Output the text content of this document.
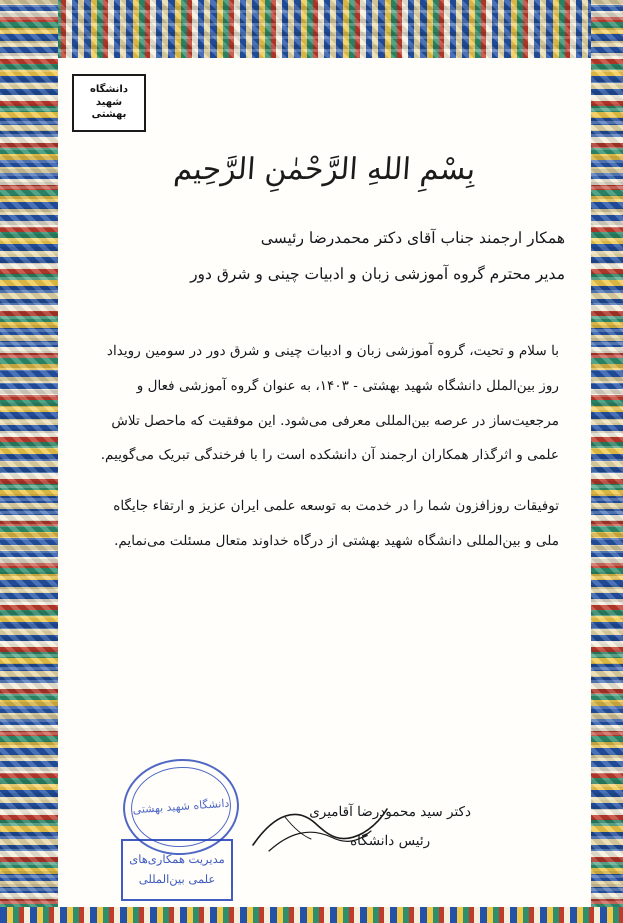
دانشگاه
شهید
بهشتی
بِسْمِ اللهِ الرَّحْمٰنِ الرَّحِیم
همکار ارجمند جناب آقای دکتر محمدرضا رئیسی
مدیر محترم گروه آموزشی زبان و ادبیات چینی و شرق دور

با سلام و تحیت، گروه آموزشی زبان و ادبیات چینی و شرق دور در سومین رویداد روز بین‌الملل دانشگاه شهید بهشتی - ۱۴۰۳، به عنوان گروه آموزشی فعال و مرجعیت‌ساز در عرصه بین‌المللی معرفی می‌شود. این موفقیت که ماحصل تلاش علمی و اثرگذار همکاران ارجمند آن دانشکده است را با فرخندگی تبریک می‌گوییم.

توفیقات روزافزون شما را در خدمت به توسعه علمی ایران عزیز و ارتقاء جایگاه ملی و بین‌المللی دانشگاه شهید بهشتی از درگاه خداوند متعال مسئلت می‌نمایم.

دکتر سید محمودرضا آقامیری
رئیس دانشگاه
دانشگاه شهید بهشتی
مدیریت همکاری‌های
علمی بین‌المللی
